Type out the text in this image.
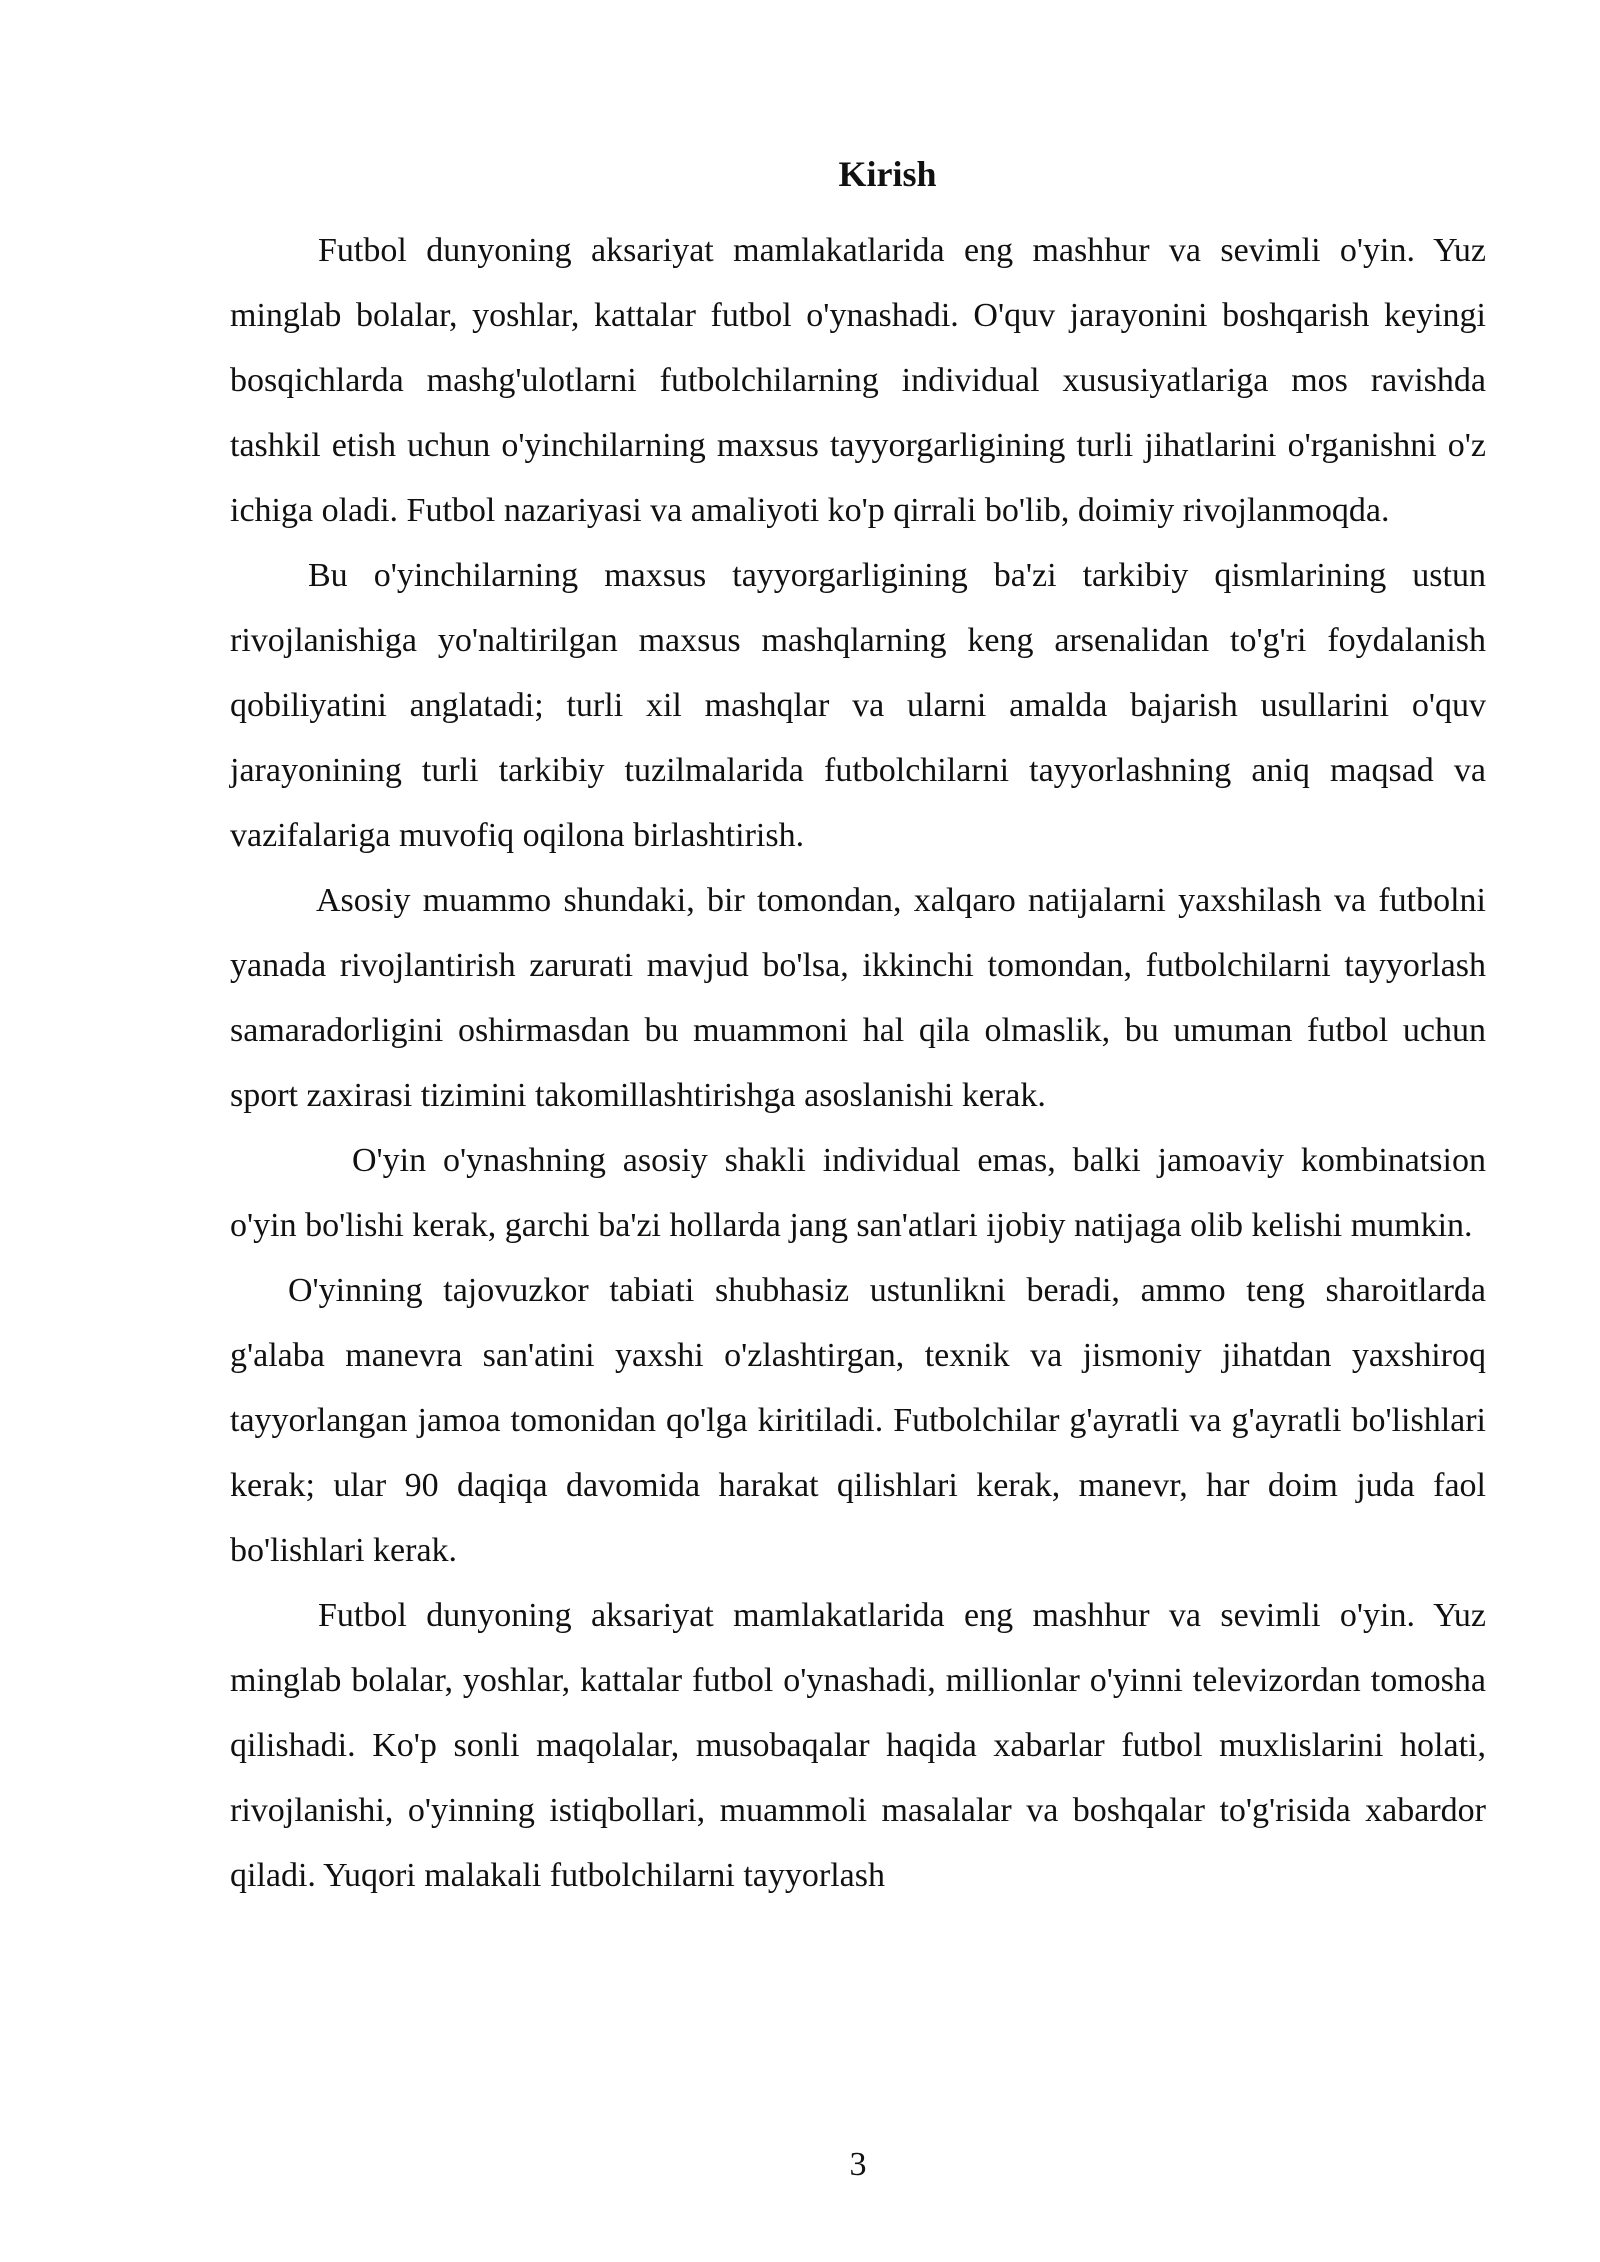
Kirish

Futbol dunyoning aksariyat mamlakatlarida eng mashhur va sevimli o'yin. Yuz minglab bolalar, yoshlar, kattalar futbol o'ynashadi. O'quv jarayonini boshqarish keyingi bosqichlarda mashg'ulotlarni futbolchilarning individual xususiyatlariga mos ravishda tashkil etish uchun o'yinchilarning maxsus tayyorgarligining turli jihatlarini o'rganishni o'z ichiga oladi. Futbol nazariyasi va amaliyoti ko'p qirrali bo'lib, doimiy rivojlanmoqda.

Bu o'yinchilarning maxsus tayyorgarligining ba'zi tarkibiy qismlarining ustun rivojlanishiga yo'naltirilgan maxsus mashqlarning keng arsenalidan to'g'ri foydalanish qobiliyatini anglatadi; turli xil mashqlar va ularni amalda bajarish usullarini o'quv jarayonining turli tarkibiy tuzilmalarida futbolchilarni tayyorlashning aniq maqsad va vazifalariga muvofiq oqilona birlashtirish.

Asosiy muammo shundaki, bir tomondan, xalqaro natijalarni yaxshilash va futbolni yanada rivojlantirish zarurati mavjud bo'lsa, ikkinchi tomondan, futbolchilarni tayyorlash samaradorligini oshirmasdan bu muammoni hal qila olmaslik, bu umuman futbol uchun sport zaxirasi tizimini takomillashtirishga asoslanishi kerak.

O'yin o'ynashning asosiy shakli individual emas, balki jamoaviy kombinatsion o'yin bo'lishi kerak, garchi ba'zi hollarda jang san'atlari ijobiy natijaga olib kelishi mumkin.

O'yinning tajovuzkor tabiati shubhasiz ustunlikni beradi, ammo teng sharoitlarda g'alaba manevra san'atini yaxshi o'zlashtirgan, texnik va jismoniy jihatdan yaxshiroq tayyorlangan jamoa tomonidan qo'lga kiritiladi. Futbolchilar g'ayratli va g'ayratli bo'lishlari kerak; ular 90 daqiqa davomida harakat qilishlari kerak, manevr, har doim juda faol bo'lishlari kerak.

Futbol dunyoning aksariyat mamlakatlarida eng mashhur va sevimli o'yin. Yuz minglab bolalar, yoshlar, kattalar futbol o'ynashadi, millionlar o'yinni televizordan tomosha qilishadi. Ko'p sonli maqolalar, musobaqalar haqida xabarlar futbol muxlislarini holati, rivojlanishi, o'yinning istiqbollari, muammoli masalalar va boshqalar to'g'risida xabardor qiladi. Yuqori malakali futbolchilarni tayyorlash

3
